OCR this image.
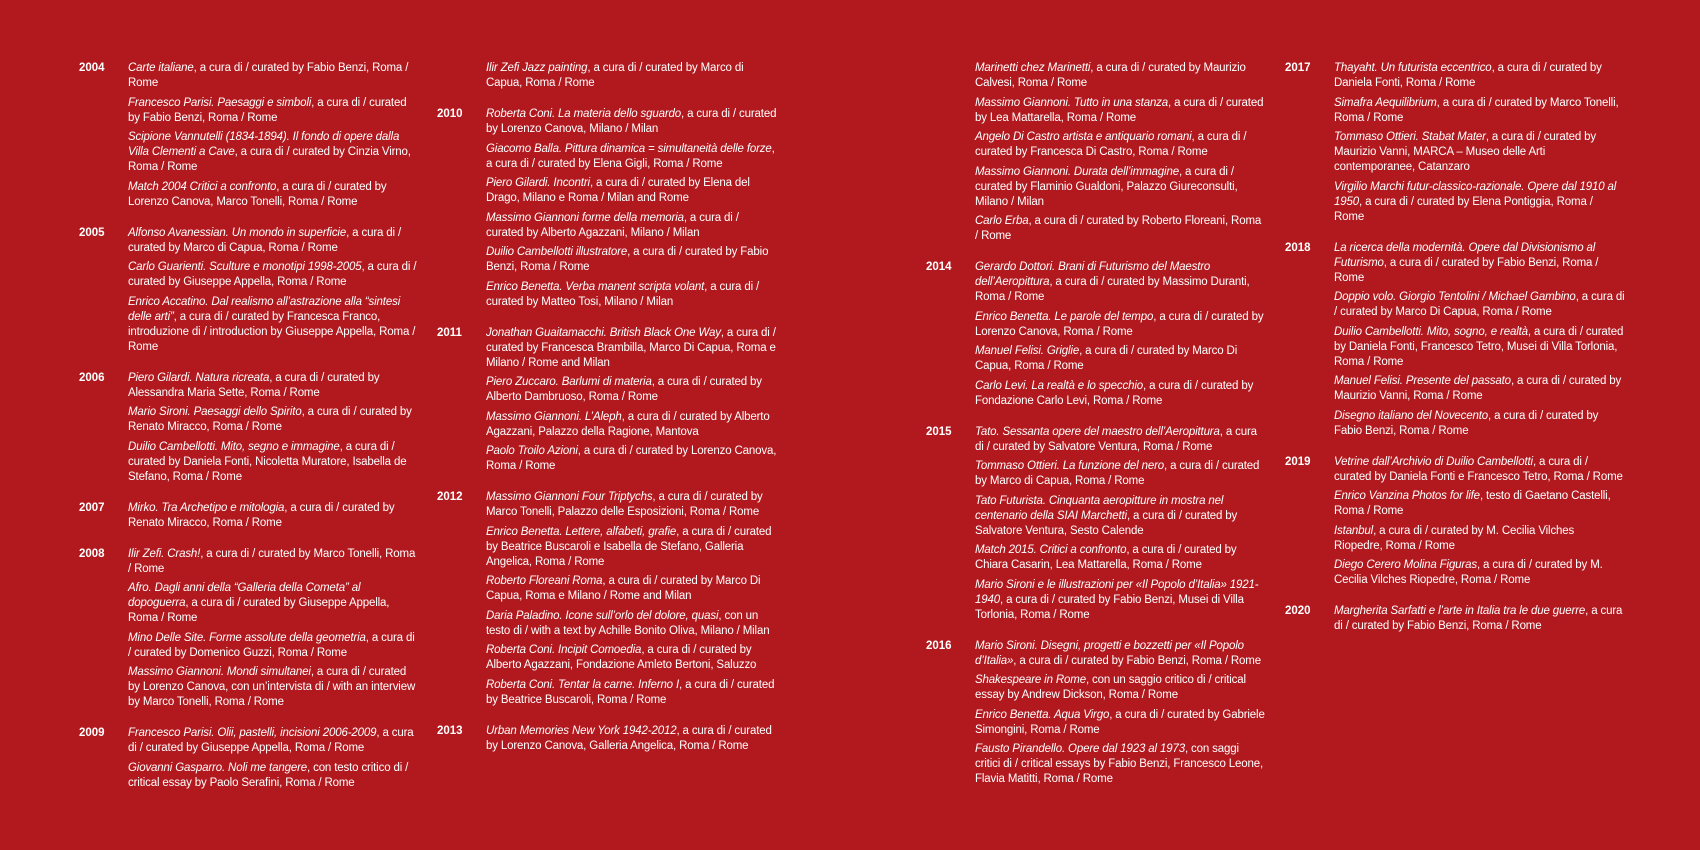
2004	Carte italiane, a cura di / curated by Fabio Benzi, Roma / Rome
Francesco Parisi. Paesaggi e simboli, a cura di / curated by Fabio Benzi, Roma / Rome
Scipione Vannutelli (1834-1894). Il fondo di opere dalla Villa Clementi a Cave, a cura di / curated by Cinzia Virno, Roma / Rome
Match 2004 Critici a confronto, a cura di / curated by Lorenzo Canova, Marco Tonelli, Roma / Rome
2005	Alfonso Avanessian. Un mondo in superficie, a cura di / curated by Marco di Capua, Roma / Rome
Carlo Guarienti. Sculture e monotipi 1998-2005, a cura di / curated by Giuseppe Appella, Roma / Rome
Enrico Accatino. Dal realismo all’astrazione alla “sintesi delle arti”, a cura di / curated by Francesca Franco, introduzione di / introduction by Giuseppe Appella, Roma / Rome
2006	Piero Gilardi. Natura ricreata, a cura di / curated by Alessandra Maria Sette, Roma / Rome
Mario Sironi. Paesaggi dello Spirito, a cura di / curated by Renato Miracco, Roma / Rome
Duilio Cambellotti. Mito, segno e immagine, a cura di / curated by Daniela Fonti, Nicoletta Muratore, Isabella de Stefano, Roma / Rome
2007	Mirko. Tra Archetipo e mitologia, a cura di / curated by Renato Miracco, Roma / Rome
2008	Ilir Zefi. Crash!, a cura di / curated by Marco Tonelli, Roma / Rome
Afro. Dagli anni della “Galleria della Cometa” al dopoguerra, a cura di / curated by Giuseppe Appella, Roma / Rome
Mino Delle Site. Forme assolute della geometria, a cura di / curated by Domenico Guzzi, Roma / Rome
Massimo Giannoni. Mondi simultanei, a cura di / curated by Lorenzo Canova, con un’intervista di / with an interview by Marco Tonelli, Roma / Rome
2009	Francesco Parisi. Olii, pastelli, incisioni 2006-2009, a cura di / curated by Giuseppe Appella, Roma / Rome
Giovanni Gasparro. Noli me tangere, con testo critico di / critical essay by Paolo Serafini, Roma / Rome
Ilir Zefi Jazz painting, a cura di / curated by Marco di Capua, Roma / Rome
2010	Roberta Coni. La materia dello sguardo, a cura di / curated by Lorenzo Canova, Milano / Milan
Giacomo Balla. Pittura dinamica = simultaneità delle forze, a cura di / curated by Elena Gigli, Roma / Rome
Piero Gilardi. Incontri, a cura di / curated by Elena del Drago, Milano e Roma / Milan and Rome
Massimo Giannoni forme della memoria, a cura di / curated by Alberto Agazzani, Milano / Milan
Duilio Cambellotti illustratore, a cura di / curated by Fabio Benzi, Roma / Rome
Enrico Benetta. Verba manent scripta volant, a cura di / curated by Matteo Tosi, Milano / Milan
2011	Jonathan Guaitamacchi. British Black One Way, a cura di / curated by Francesca Brambilla, Marco Di Capua, Roma e Milano / Rome and Milan
Piero Zuccaro. Barlumi di materia, a cura di / curated by Alberto Dambruoso, Roma / Rome
Massimo Giannoni. L’Aleph, a cura di / curated by Alberto Agazzani, Palazzo della Ragione, Mantova
Paolo Troilo Azioni, a cura di / curated by Lorenzo Canova, Roma / Rome
2012	Massimo Giannoni Four Triptychs, a cura di / curated by Marco Tonelli, Palazzo delle Esposizioni, Roma / Rome
Enrico Benetta. Lettere, alfabeti, grafie, a cura di / curated by Beatrice Buscaroli e Isabella de Stefano, Galleria Angelica, Roma / Rome
Roberto Floreani Roma, a cura di / curated by Marco Di Capua, Roma e Milano / Rome and Milan
Daria Paladino. Icone sull’orlo del dolore, quasi, con un testo di / with a text by Achille Bonito Oliva, Milano / Milan
Roberta Coni. Incipit Comoedia, a cura di / curated by Alberto Agazzani, Fondazione Amleto Bertoni, Saluzzo
Roberta Coni. Tentar la carne. Inferno I, a cura di / curated by Beatrice Buscaroli, Roma / Rome
2013	Urban Memories New York 1942-2012, a cura di / curated by Lorenzo Canova, Galleria Angelica, Roma / Rome
Marinetti chez Marinetti, a cura di / curated by Maurizio Calvesi, Roma / Rome
Massimo Giannoni. Tutto in una stanza, a cura di / curated by Lea Mattarella, Roma / Rome
Angelo Di Castro artista e antiquario romani, a cura di / curated by Francesca Di Castro, Roma / Rome
Massimo Giannoni. Durata dell’immagine, a cura di / curated by Flaminio Gualdoni, Palazzo Giureconsulti, Milano / Milan
Carlo Erba, a cura di / curated by Roberto Floreani, Roma / Rome
2014	Gerardo Dottori. Brani di Futurismo del Maestro dell’Aeropittura, a cura di / curated by Massimo Duranti, Roma / Rome
Enrico Benetta. Le parole del tempo, a cura di / curated by Lorenzo Canova, Roma / Rome
Manuel Felisi. Griglie, a cura di / curated by Marco Di Capua, Roma / Rome
Carlo Levi. La realtà e lo specchio, a cura di / curated by Fondazione Carlo Levi, Roma / Rome
2015	Tato. Sessanta opere del maestro dell’Aeropittura, a cura di / curated by Salvatore Ventura, Roma / Rome
Tommaso Ottieri. La funzione del nero, a cura di / curated by Marco di Capua, Roma / Rome
Tato Futurista. Cinquanta aeropitture in mostra nel centenario della SIAI Marchetti, a cura di / curated by Salvatore Ventura, Sesto Calende
Match 2015. Critici a confronto, a cura di / curated by Chiara Casarin, Lea Mattarella, Roma / Rome
Mario Sironi e le illustrazioni per «Il Popolo d’Italia» 1921-1940, a cura di / curated by Fabio Benzi, Musei di Villa Torlonia, Roma / Rome
2016	Mario Sironi. Disegni, progetti e bozzetti per «Il Popolo d’Italia», a cura di / curated by Fabio Benzi, Roma / Rome
Shakespeare in Rome, con un saggio critico di / critical essay by Andrew Dickson, Roma / Rome
Enrico Benetta. Aqua Virgo, a cura di / curated by Gabriele Simongini, Roma / Rome
Fausto Pirandello. Opere dal 1923 al 1973, con saggi critici di / critical essays by Fabio Benzi, Francesco Leone, Flavia Matitti, Roma / Rome
2017	Thayaht. Un futurista eccentrico, a cura di / curated by Daniela Fonti, Roma / Rome
Simafra Aequilibrium, a cura di / curated by Marco Tonelli, Roma / Rome
Tommaso Ottieri. Stabat Mater, a cura di / curated by Maurizio Vanni, MARCA – Museo delle Arti contemporanee, Catanzaro
Virgilio Marchi futur-classico-razionale. Opere dal 1910 al 1950, a cura di / curated by Elena Pontiggia, Roma / Rome
2018	La ricerca della modernità. Opere dal Divisionismo al Futurismo, a cura di / curated by Fabio Benzi, Roma / Rome
Doppio volo. Giorgio Tentolini / Michael Gambino, a cura di / curated by Marco Di Capua, Roma / Rome
Duilio Cambellotti. Mito, sogno, e realtà, a cura di / curated by Daniela Fonti, Francesco Tetro, Musei di Villa Torlonia, Roma / Rome
Manuel Felisi. Presente del passato, a cura di / curated by Maurizio Vanni, Roma / Rome
Disegno italiano del Novecento, a cura di / curated by Fabio Benzi, Roma / Rome
2019	Vetrine dall’Archivio di Duilio Cambellotti, a cura di / curated by Daniela Fonti e Francesco Tetro, Roma / Rome
Enrico Vanzina Photos for life, testo di Gaetano Castelli, Roma / Rome
Istanbul, a cura di / curated by M. Cecilia Vilches Riopedre, Roma / Rome
Diego Cerero Molina Figuras, a cura di / curated by M. Cecilia Vilches Riopedre, Roma / Rome
2020	Margherita Sarfatti e l’arte in Italia tra le due guerre, a cura di / curated by Fabio Benzi, Roma / Rome
